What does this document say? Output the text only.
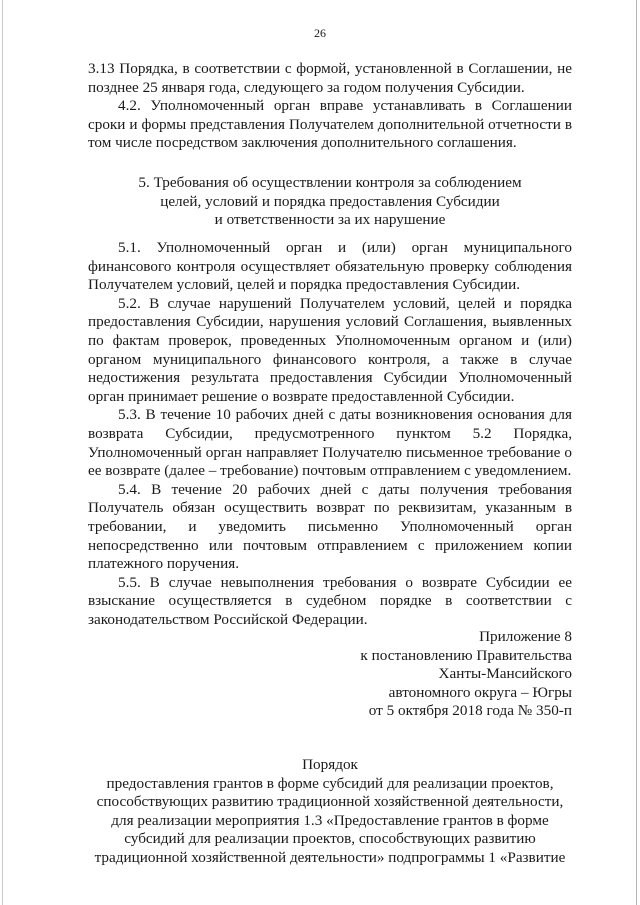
26

3.13 Порядка, в соответствии с формой, установленной в Соглашении, не позднее 25 января года, следующего за годом получения Субсидии.

4.2. Уполномоченный орган вправе устанавливать в Соглашении сроки и формы представления Получателем дополнительной отчетности в том числе посредством заключения дополнительного соглашения.

5. Требования об осуществлении контроля за соблюдением

целей, условий и порядка предоставления Субсидии

и ответственности за их нарушение

5.1. Уполномоченный орган и (или) орган муниципального финансового контроля осуществляет обязательную проверку соблюдения Получателем условий, целей и порядка предоставления Субсидии.

5.2. В случае нарушений Получателем условий, целей и порядка предоставления Субсидии, нарушения условий Соглашения, выявленных по фактам проверок, проведенных Уполномоченным органом и (или) органом муниципального финансового контроля, а также в случае недостижения результата предоставления Субсидии Уполномоченный орган принимает решение о возврате предоставленной Субсидии.

5.3. В течение 10 рабочих дней с даты возникновения основания для возврата Субсидии, предусмотренного пунктом 5.2 Порядка, Уполномоченный орган направляет Получателю письменное требование о ее возврате (далее – требование) почтовым отправлением с уведомлением.

5.4. В течение 20 рабочих дней с даты получения требования Получатель обязан осуществить возврат по реквизитам, указанным в требовании, и уведомить письменно Уполномоченный орган непосредственно или почтовым отправлением с приложением копии платежного поручения.

5.5. В случае невыполнения требования о возврате Субсидии ее взыскание осуществляется в судебном порядке в соответствии с законодательством Российской Федерации.

Приложение 8

к постановлению Правительства

Ханты-Мансийского

автономного округа – Югры

от 5 октября 2018 года № 350-п

Порядок

предоставления грантов в форме субсидий для реализации проектов,

способствующих развитию традиционной хозяйственной деятельности,

для реализации мероприятия 1.3 «Предоставление грантов в форме

субсидий для реализации проектов, способствующих развитию

традиционной хозяйственной деятельности» подпрограммы 1 «Развитие
